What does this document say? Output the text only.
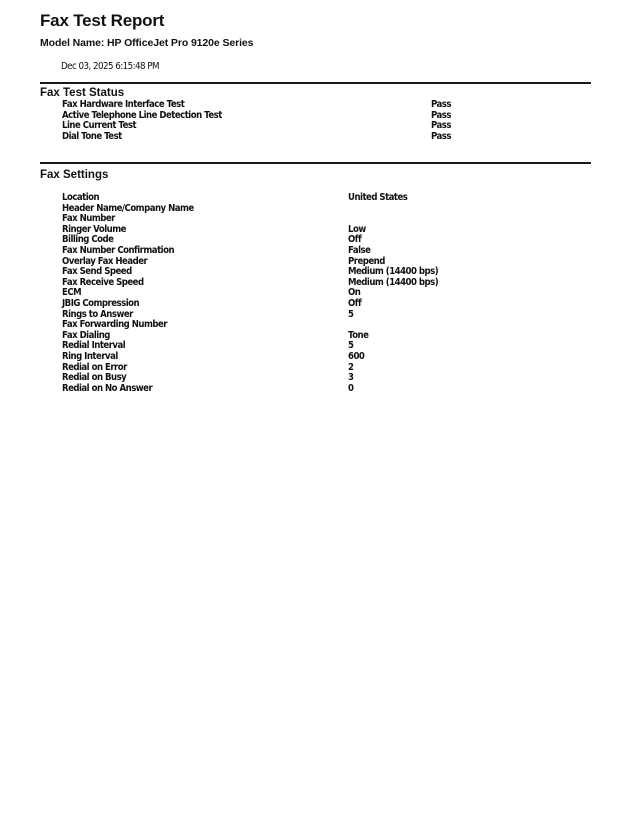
Fax Test Report
Model Name: HP OfficeJet Pro 9120e Series
Dec 03, 2025 6:15:48 PM
Fax Test Status
Fax Hardware Interface Test	Pass
Active Telephone Line Detection Test	Pass
Line Current Test	Pass
Dial Tone Test	Pass
Fax Settings
Location	United States
Header Name/Company Name
Fax Number
Ringer Volume	Low
Billing Code	Off
Fax Number Confirmation	False
Overlay Fax Header	Prepend
Fax Send Speed	Medium (14400 bps)
Fax Receive Speed	Medium (14400 bps)
ECM	On
JBIG Compression	Off
Rings to Answer	5
Fax Forwarding Number
Fax Dialing	Tone
Redial Interval	5
Ring Interval	600
Redial on Error	2
Redial on Busy	3
Redial on No Answer	0
